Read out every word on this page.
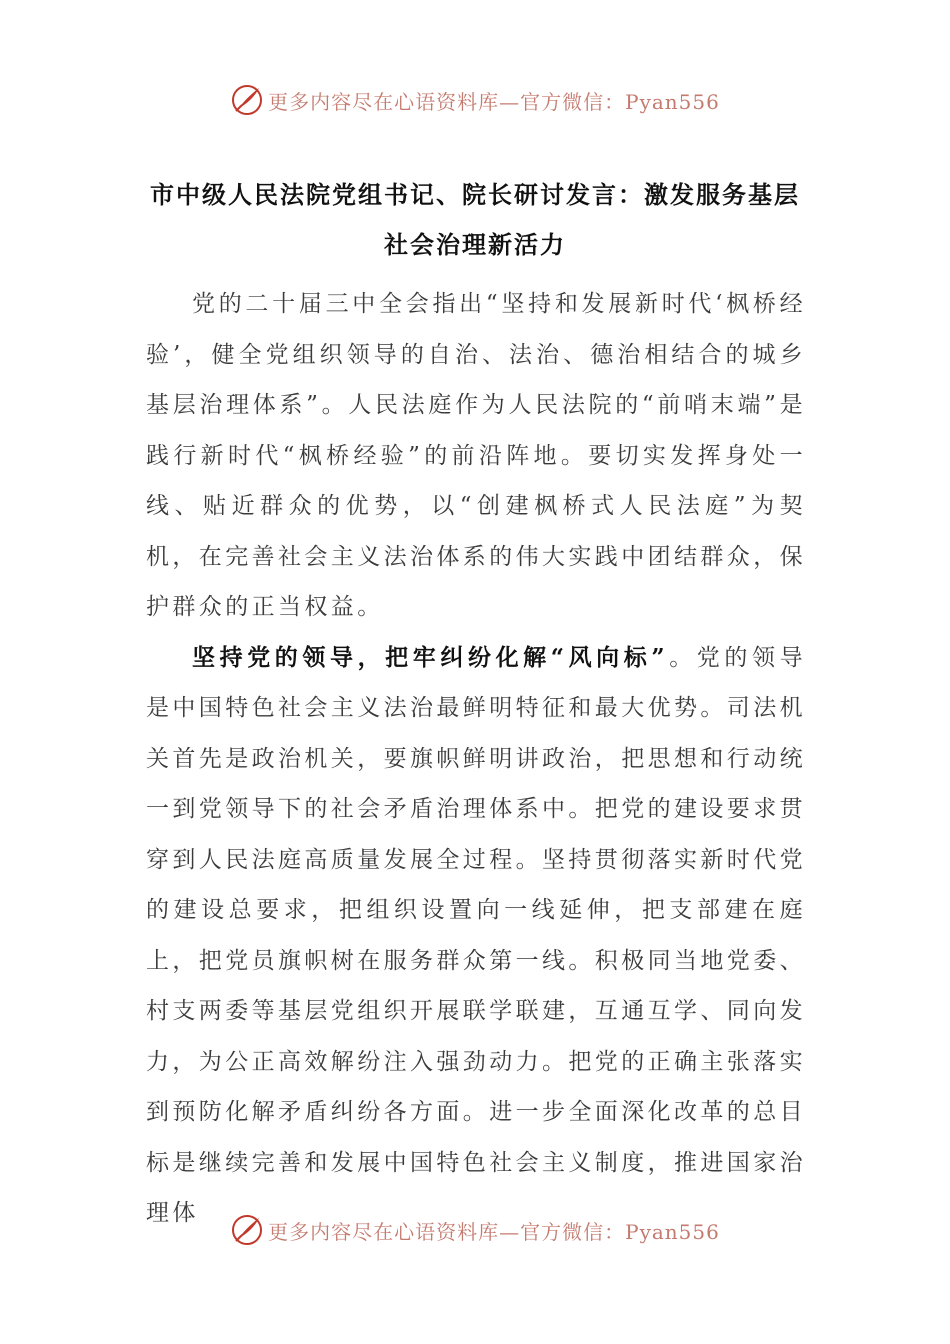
更多内容尽在心语资料库—官方微信：Pyan556
市中级人民法院党组书记、院长研讨发言：激发服务基层
社会治理新活力

党的二十届三中全会指出“坚持和发展新时代‘枫桥经验’，健全党组织领导的自治、法治、德治相结合的城乡基层治理体系”。人民法庭作为人民法院的“前哨末端”是践行新时代“枫桥经验”的前沿阵地。要切实发挥身处一线、贴近群众的优势，以“创建枫桥式人民法庭”为契机，在完善社会主义法治体系的伟大实践中团结群众，保护群众的正当权益。

坚持党的领导，把牢纠纷化解“风向标”。党的领导是中国特色社会主义法治最鲜明特征和最大优势。司法机关首先是政治机关，要旗帜鲜明讲政治，把思想和行动统一到党领导下的社会矛盾治理体系中。把党的建设要求贯穿到人民法庭高质量发展全过程。坚持贯彻落实新时代党的建设总要求，把组织设置向一线延伸，把支部建在庭上，把党员旗帜树在服务群众第一线。积极同当地党委、村支两委等基层党组织开展联学联建，互通互学、同向发力，为公正高效解纷注入强劲动力。把党的正确主张落实到预防化解矛盾纠纷各方面。进一步全面深化改革的总目标是继续完善和发展中国特色社会主义制度，推进国家治理体

更多内容尽在心语资料库—官方微信：Pyan556
